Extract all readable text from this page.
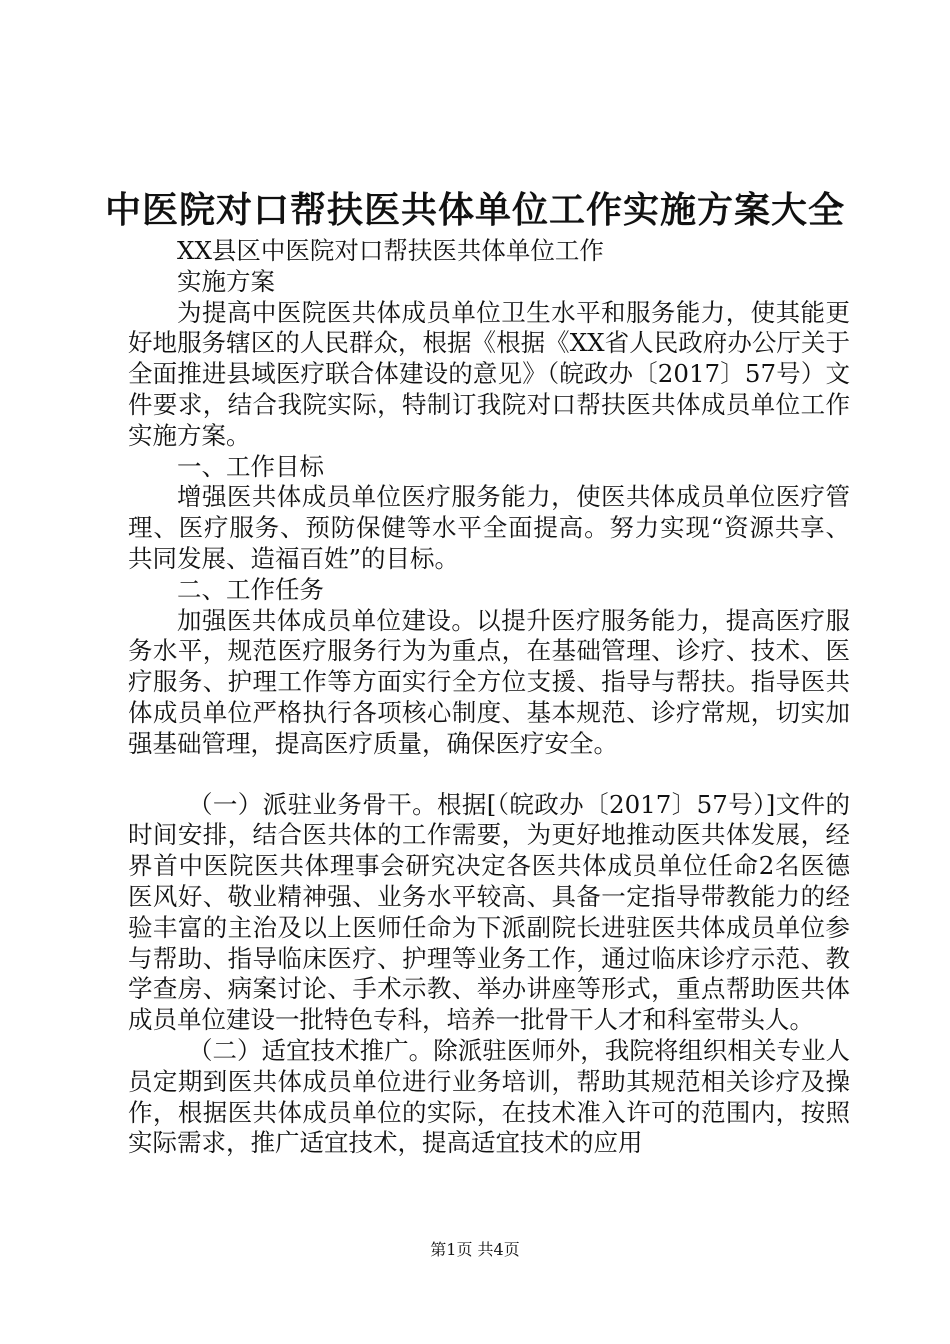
中医院对口帮扶医共体单位工作实施方案大全

XX县区中医院对口帮扶医共体单位工作

实施方案

为提高中医院医共体成员单位卫生水平和服务能力，使其能更好地服务辖区的人民群众，根据《根据《XX省人民政府办公厅关于全面推进县域医疗联合体建设的意见》（皖政办〔2017〕57号）文件要求，结合我院实际，特制订我院对口帮扶医共体成员单位工作实施方案。

一、工作目标

增强医共体成员单位医疗服务能力，使医共体成员单位医疗管理、医疗服务、预防保健等水平全面提高。努力实现“资源共享、共同发展、造福百姓”的目标。

二、工作任务

加强医共体成员单位建设。以提升医疗服务能力，提高医疗服务水平，规范医疗服务行为为重点，在基础管理、诊疗、技术、医疗服务、护理工作等方面实行全方位支援、指导与帮扶。指导医共体成员单位严格执行各项核心制度、基本规范、诊疗常规，切实加强基础管理，提高医疗质量，确保医疗安全。

（一）派驻业务骨干。根据[（皖政办〔2017〕57号）]文件的时间安排，结合医共体的工作需要，为更好地推动医共体发展，经界首中医院医共体理事会研究决定各医共体成员单位任命2名医德医风好、敬业精神强、业务水平较高、具备一定指导带教能力的经验丰富的主治及以上医师任命为下派副院长进驻医共体成员单位参与帮助、指导临床医疗、护理等业务工作，通过临床诊疗示范、教学查房、病案讨论、手术示教、举办讲座等形式，重点帮助医共体成员单位建设一批特色专科，培养一批骨干人才和科室带头人。

（二）适宜技术推广。除派驻医师外，我院将组织相关专业人员定期到医共体成员单位进行业务培训，帮助其规范相关诊疗及操作，根据医共体成员单位的实际，在技术准入许可的范围内，按照实际需求，推广适宜技术，提高适宜技术的应用

第1页 共4页
